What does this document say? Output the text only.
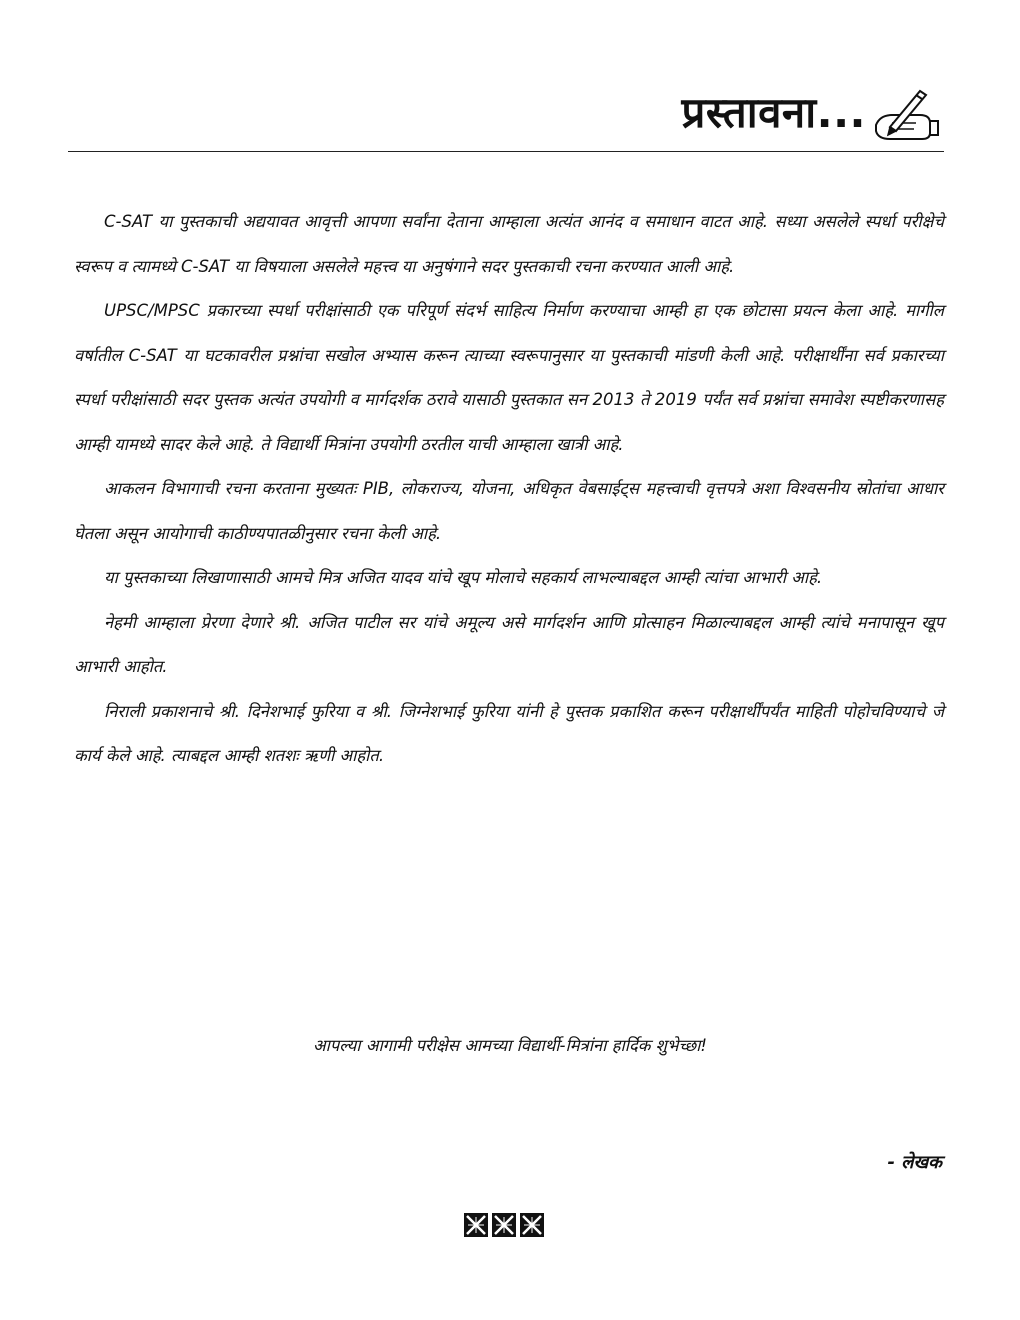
प्रस्तावना...

C-SAT या पुस्तकाची अद्ययावत आवृत्ती आपणा सर्वांना देताना आम्हाला अत्यंत आनंद व समाधान वाटत आहे. सध्या असलेले स्पर्धा परीक्षेचे स्वरूप व त्यामध्ये C-SAT या विषयाला असलेले महत्त्व या अनुषंगाने सदर पुस्तकाची रचना करण्यात आली आहे.

UPSC/MPSC प्रकारच्या स्पर्धा परीक्षांसाठी एक परिपूर्ण संदर्भ साहित्य निर्माण करण्याचा आम्ही हा एक छोटासा प्रयत्न केला आहे. मागील वर्षातील C-SAT या घटकावरील प्रश्नांचा सखोल अभ्यास करून त्याच्या स्वरूपानुसार या पुस्तकाची मांडणी केली आहे. परीक्षार्थींना सर्व प्रकारच्या स्पर्धा परीक्षांसाठी सदर पुस्तक अत्यंत उपयोगी व मार्गदर्शक ठरावे यासाठी पुस्तकात सन 2013 ते 2019 पर्यंत सर्व प्रश्नांचा समावेश स्पष्टीकरणासह आम्ही यामध्ये सादर केले आहे. ते विद्यार्थी मित्रांना उपयोगी ठरतील याची आम्हाला खात्री आहे.

आकलन विभागाची रचना करताना मुख्यतः PIB, लोकराज्य, योजना, अधिकृत वेबसाईट्स महत्त्वाची वृत्तपत्रे अशा विश्वसनीय स्रोतांचा आधार घेतला असून आयोगाची काठीण्यपातळीनुसार रचना केली आहे.

या पुस्तकाच्या लिखाणासाठी आमचे मित्र अजित यादव यांचे खूप मोलाचे सहकार्य लाभल्याबद्दल आम्ही त्यांचा आभारी आहे.

नेहमी आम्हाला प्रेरणा देणारे श्री. अजित पाटील सर यांचे अमूल्य असे मार्गदर्शन आणि प्रोत्साहन मिळाल्याबद्दल आम्ही त्यांचे मनापासून खूप आभारी आहोत.

निराली प्रकाशनाचे श्री. दिनेशभाई फुरिया व श्री. जिग्नेशभाई फुरिया यांनी हे पुस्तक प्रकाशित करून परीक्षार्थींपर्यंत माहिती पोहोचविण्याचे जे कार्य केले आहे. त्याबद्दल आम्ही शतशः ऋणी आहोत.

आपल्या आगामी परीक्षेस आमच्या विद्यार्थी-मित्रांना हार्दिक शुभेच्छा!
- लेखक
